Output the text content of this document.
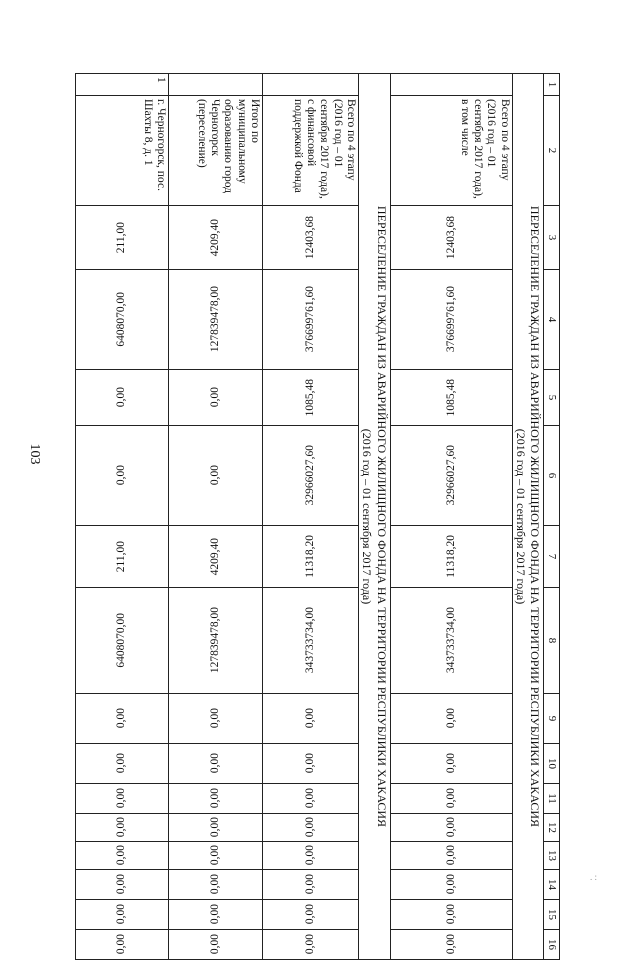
103
1	2	3	4	5	6	7	8	9	10	11	12	13	14	15	16

ПЕРЕСЕЛЕНИЕ ГРАЖДАН ИЗ АВАРИЙНОГО ЖИЛИЩНОГО ФОНДА НА ТЕРРИТОРИИ РЕСПУБЛИКИ ХАКАСИЯ
(2016 год – 01 сентября 2017 года)															

	Всего по 4 этапу (2016 год – 01 сентября 2017 года), в том числе	12403,68	376699761,60	1085,48	32966027,60	11318,20	343733734,00	0,00	0,00	0,00	0,00	0,00	0,00	0,00	0,00

ПЕРЕСЕЛЕНИЕ ГРАЖДАН ИЗ АВАРИЙНОГО ЖИЛИЩНОГО ФОНДА НА ТЕРРИТОРИИ РЕСПУБЛИКИ ХАКАСИЯ
(2016 год – 01 сентября 2017 года)															

	Всего по 4 этапу (2016 год – 01 сентября 2017 года), с финансовой поддержкой Фонда	12403,68	376699761,60	1085,48	32966027,60	11318,20	343733734,00	0,00	0,00	0,00	0,00	0,00	0,00	0,00	0,00
	Итого по муниципальному образованию город Черногорск (переселение)	4209,40	127839478,00	0,00	0,00	4209,40	127839478,00	0,00	0,00	0,00	0,00	0,00	0,00	0,00	0,00
1	г. Черногорск, пос. Шахты 8, д. 1	211,00	6408070,00	0,00	0,00	211,00	6408070,00	0,00	0,00	0,00	0,00	0,00	0,00	0,00	0,00
. :
